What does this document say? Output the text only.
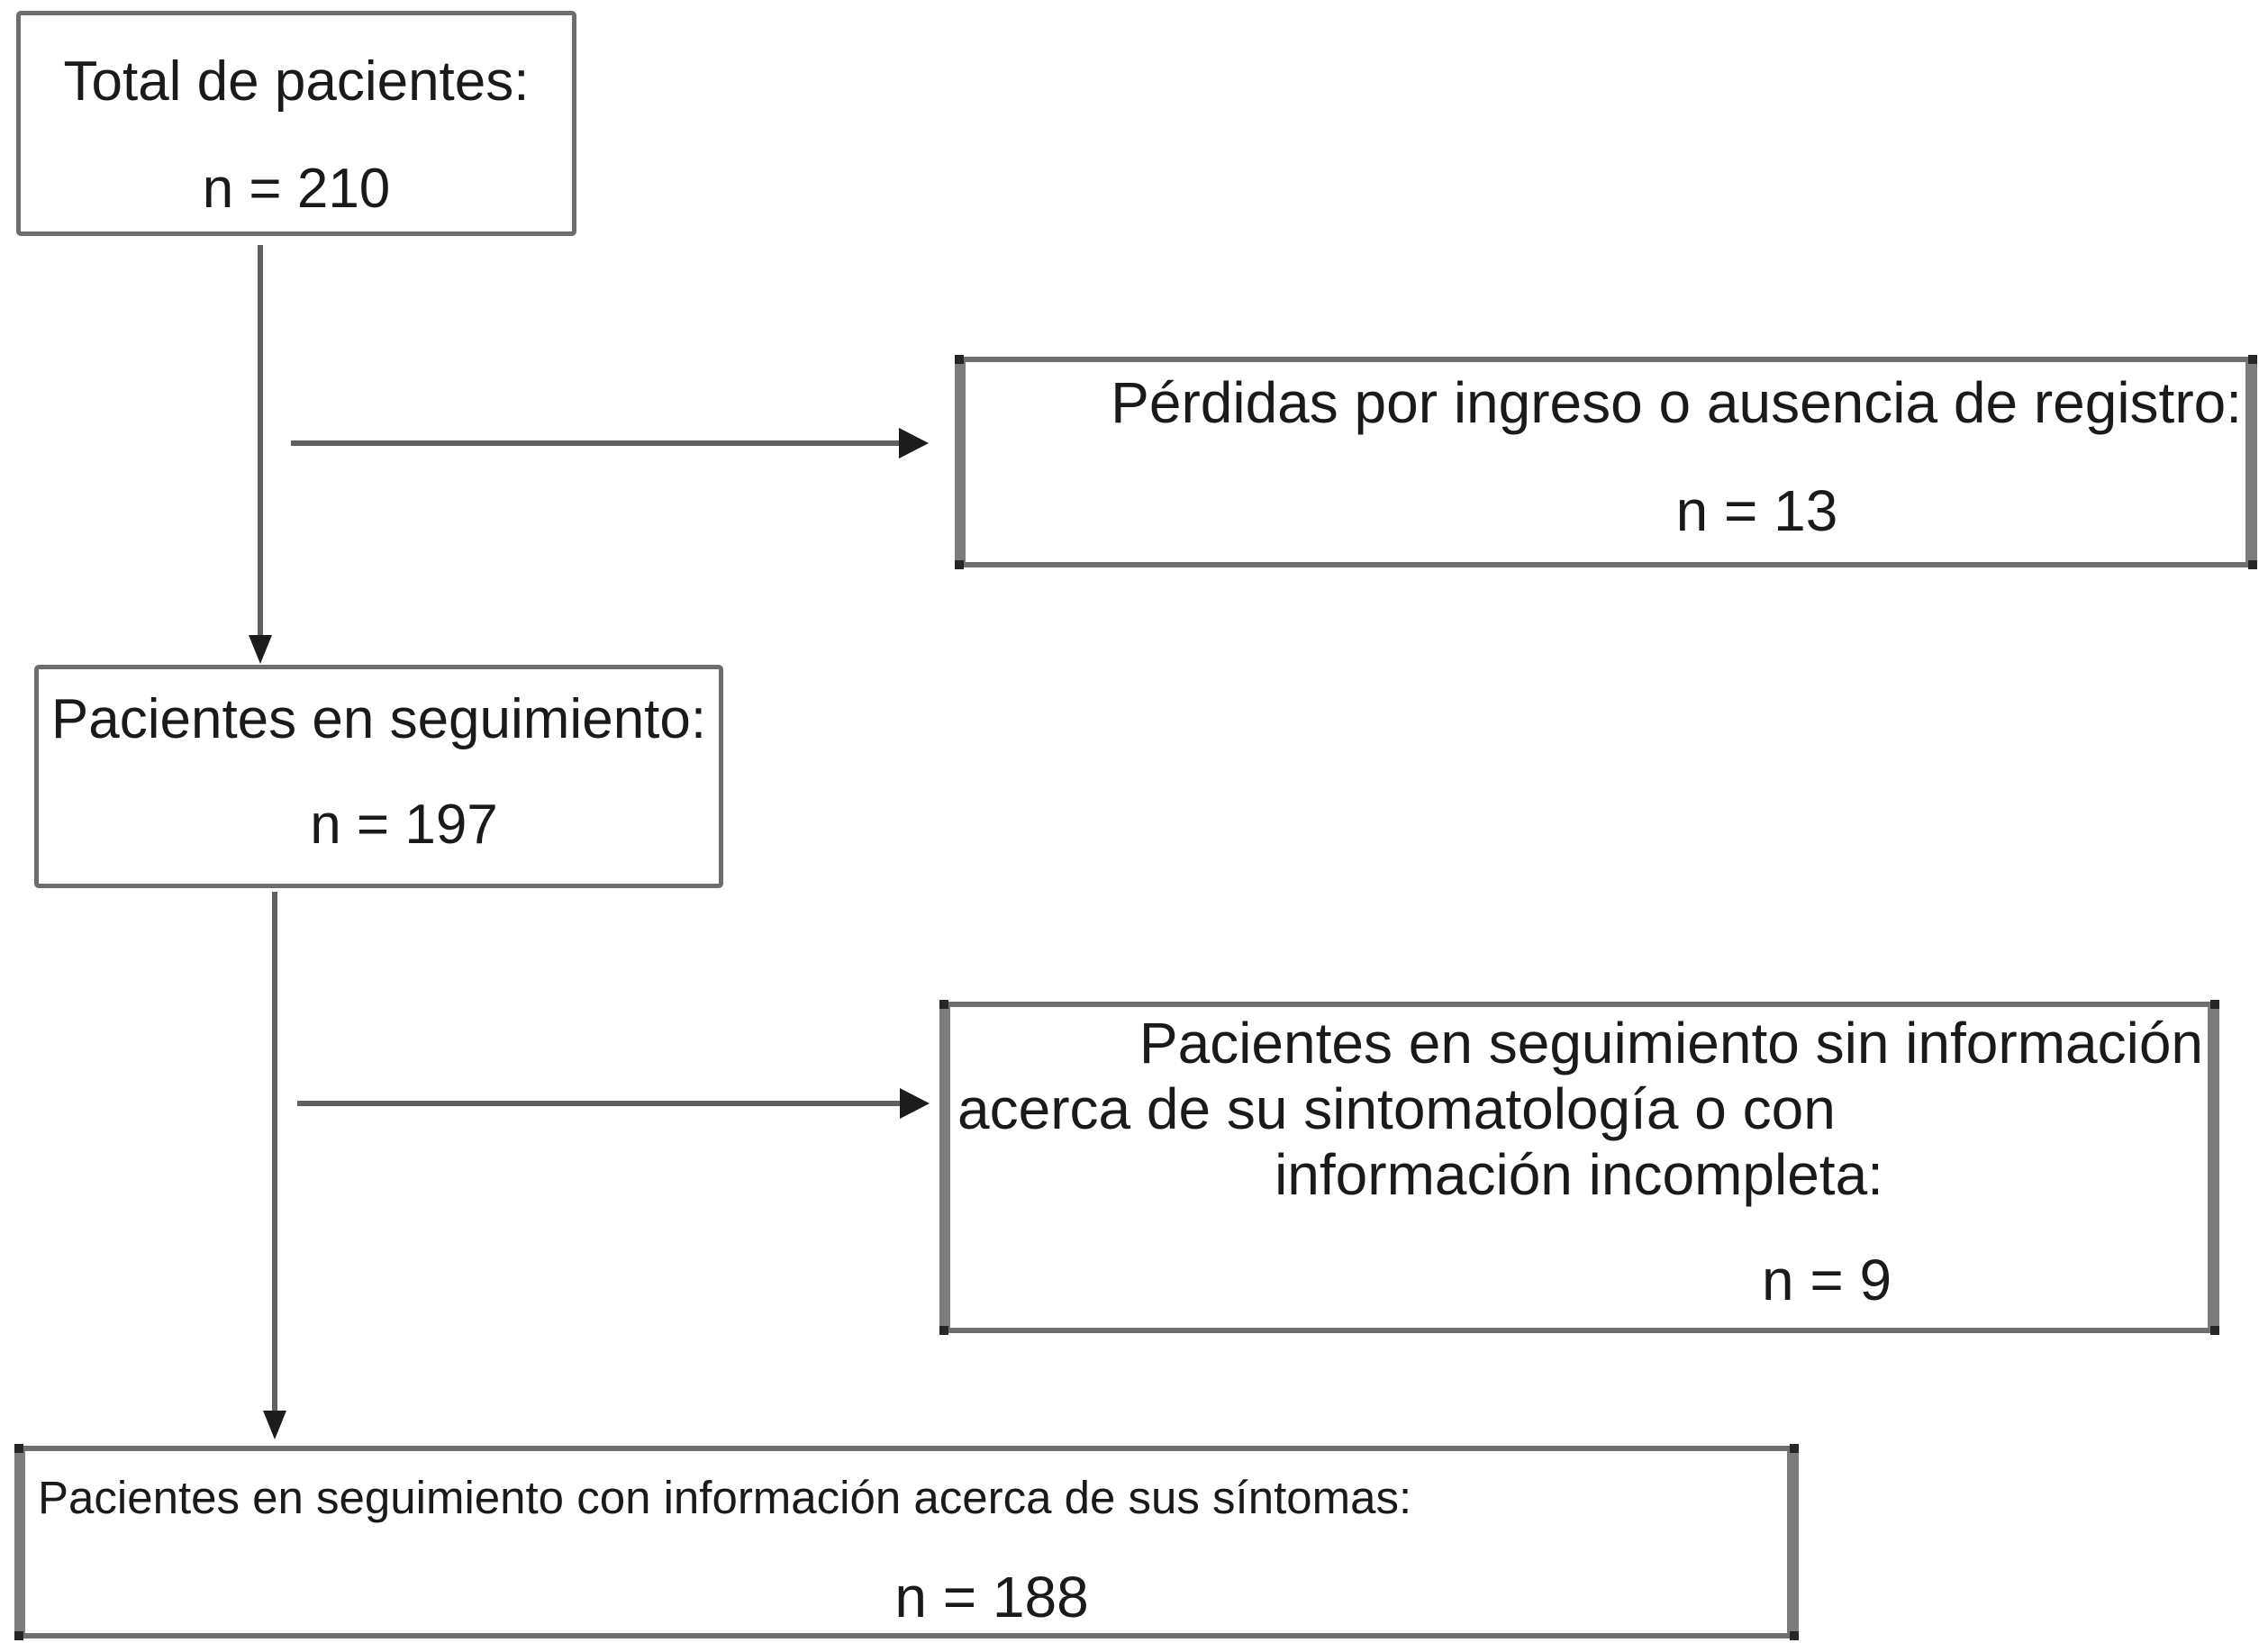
Total de pacientes:
n = 210
Pérdidas por ingreso o ausencia de registro:
n = 13
Pacientes en seguimiento:
n = 197
Pacientes en seguimiento sin información
acerca de su sintomatología o con
información incompleta:
n = 9
Pacientes en seguimiento con información acerca de sus síntomas:
n = 188
